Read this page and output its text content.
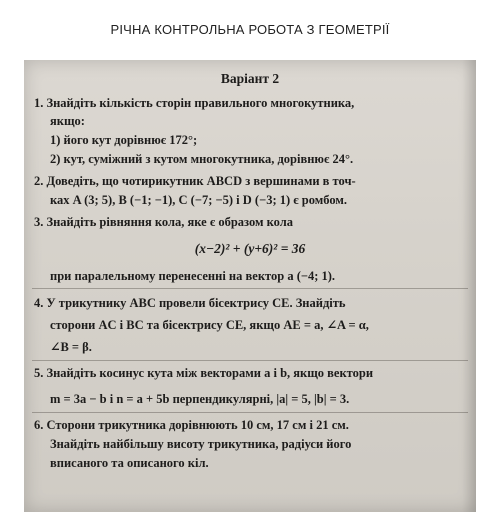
РІЧНА КОНТРОЛЬНА РОБОТА З ГЕОМЕТРІЇ
Варіант 2
1. Знайдіть кількість сторін правильного многокутника,
якщо:
1) його кут дорівнює 172°;
2) кут, суміжний з кутом многокутника, дорівнює 24°.
2. Доведіть, що чотирикутник ABCD з вершинами в точ-
ках A (3; 5), B (−1; −1), C (−7; −5) і D (−3; 1) є ромбом.
3. Знайдіть рівняння кола, яке є образом кола
(x−2)² + (y+6)² = 36
при паралельному перенесенні на вектор a (−4; 1).
4. У трикутнику ABC провели бісектрису CE. Знайдіть
сторони AC і BC та бісектрису CE, якщо AE = a, ∠A = α,
∠B = β.
5. Знайдіть косинус кута між векторами a і b, якщо вектори
m = 3a − b і n = a + 5b перпендикулярні, |a| = 5, |b| = 3.
6. Сторони трикутника дорівнюють 10 см, 17 см і 21 см.
Знайдіть найбільшу висоту трикутника, радіуси його
вписаного та описаного кіл.
